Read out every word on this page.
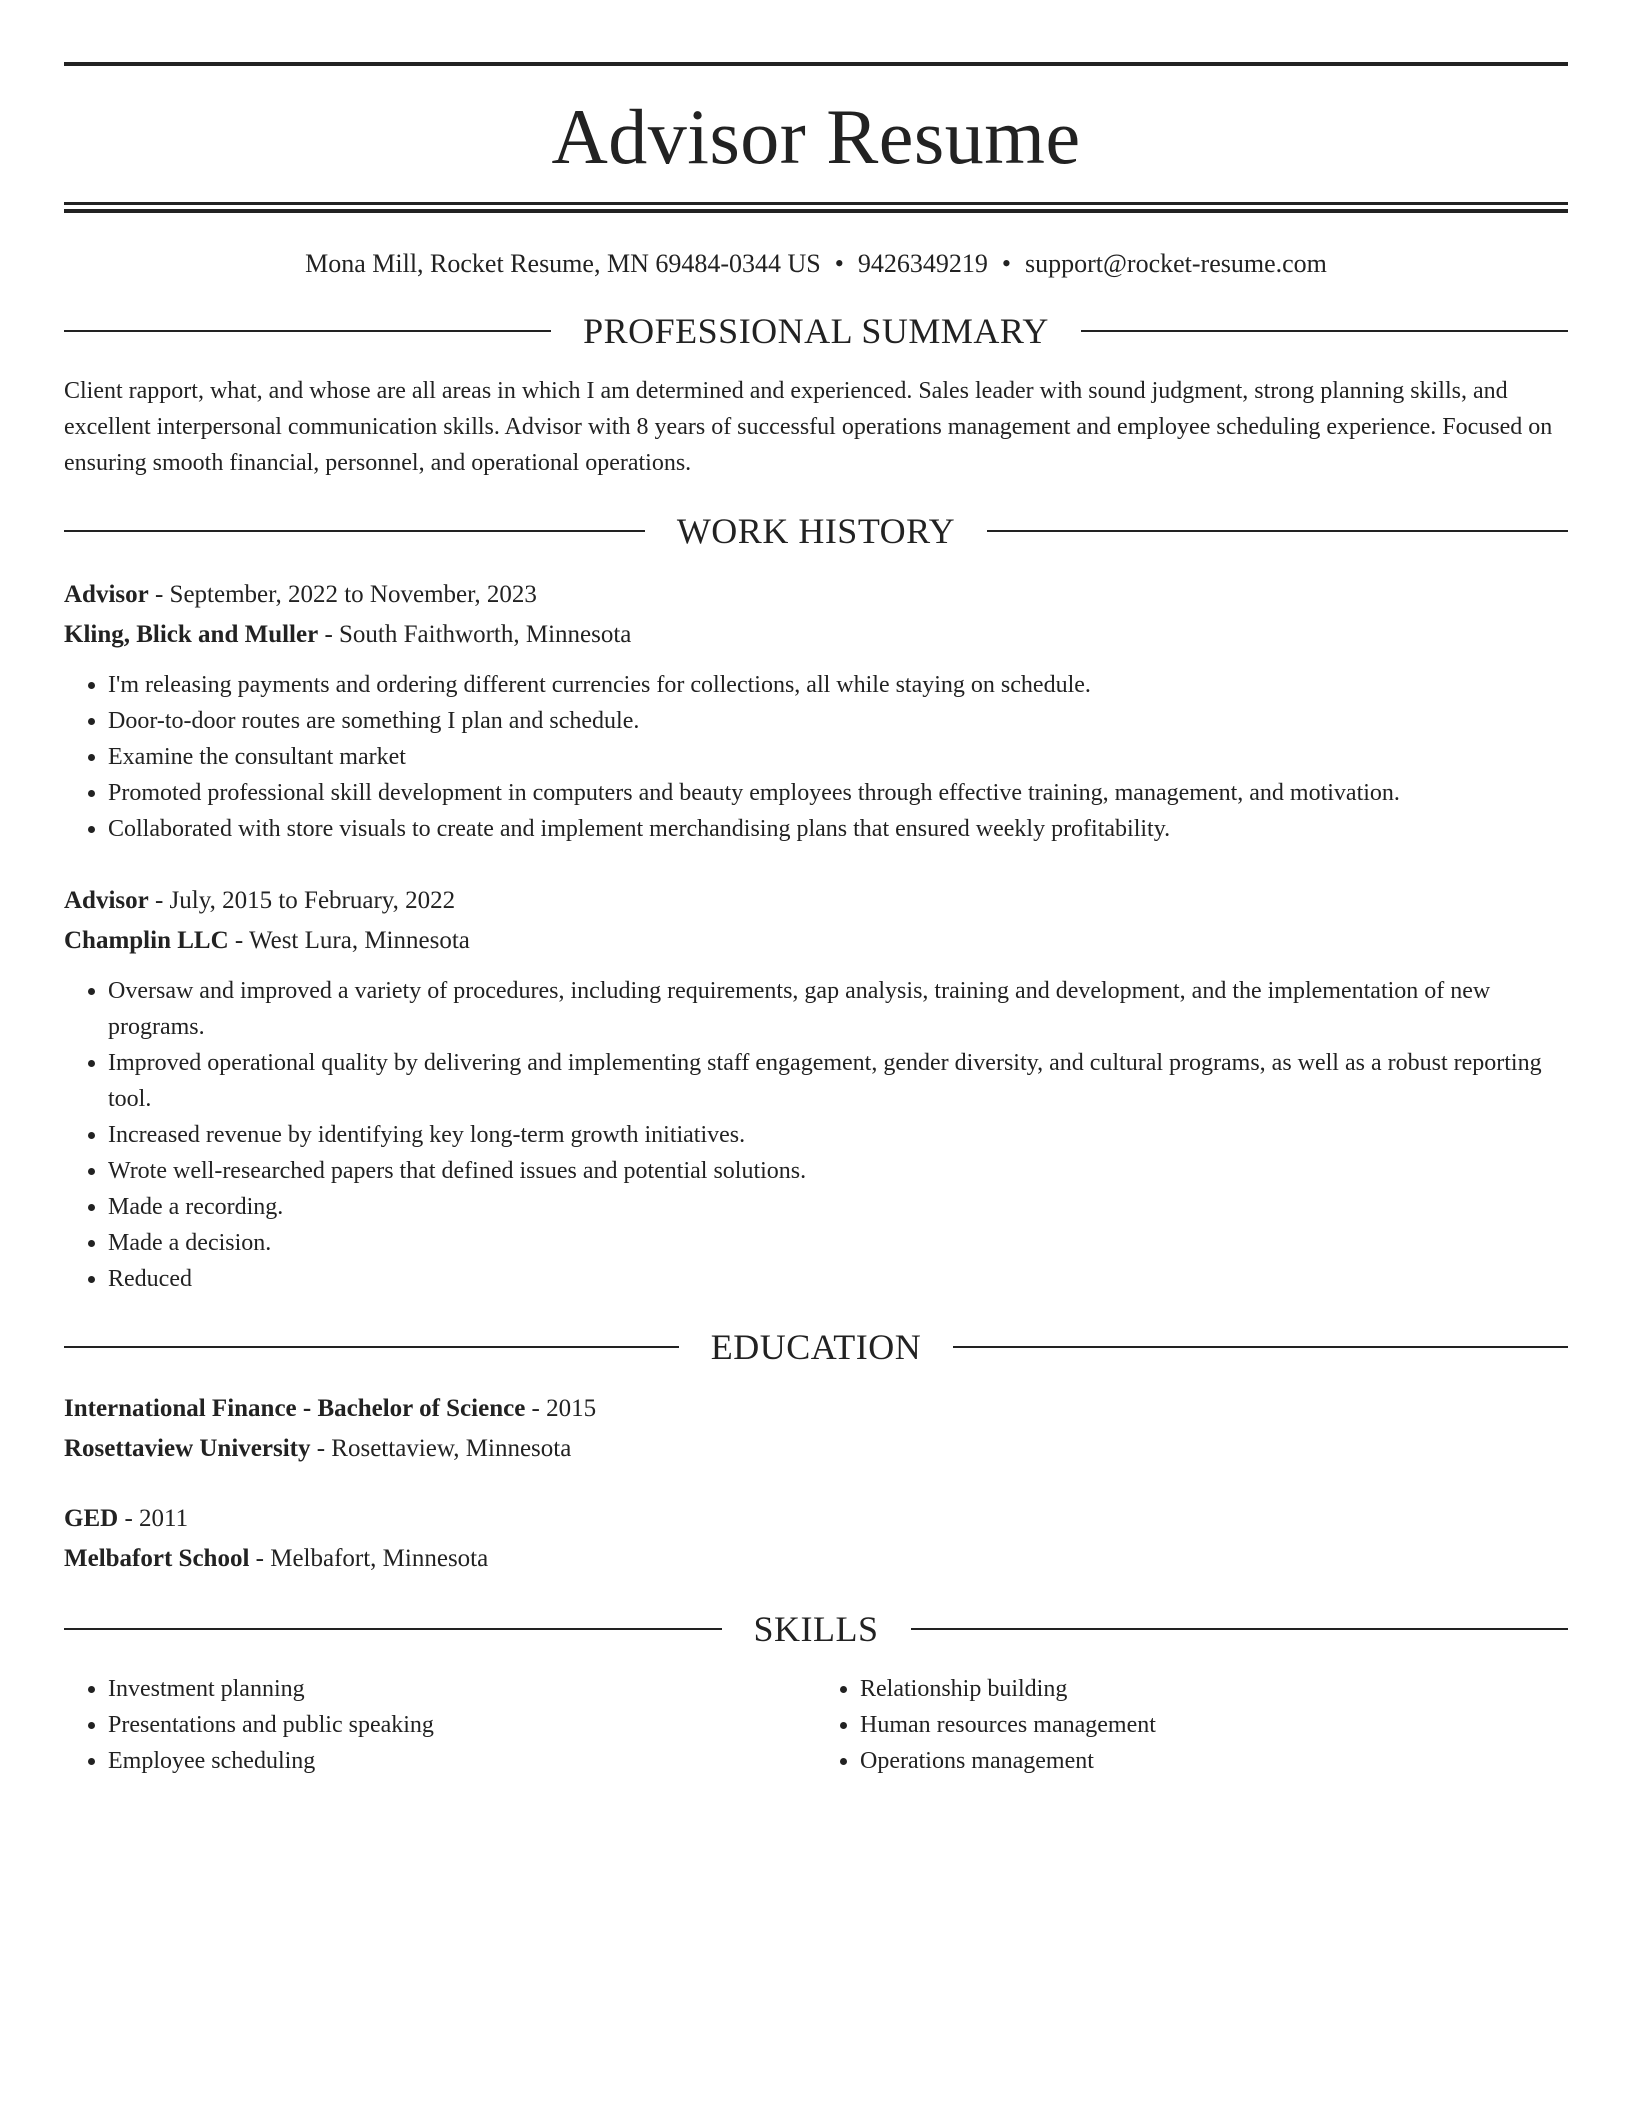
Advisor Resume
Mona Mill, Rocket Resume, MN 69484-0344 US • 9426349219 • support@rocket-resume.com
PROFESSIONAL SUMMARY
Client rapport, what, and whose are all areas in which I am determined and experienced. Sales leader with sound judgment, strong planning skills, and excellent interpersonal communication skills. Advisor with 8 years of successful operations management and employee scheduling experience. Focused on ensuring smooth financial, personnel, and operational operations.
WORK HISTORY
Advisor - September, 2022 to November, 2023
Kling, Blick and Muller - South Faithworth, Minnesota
• I'm releasing payments and ordering different currencies for collections, all while staying on schedule.
• Door-to-door routes are something I plan and schedule.
• Examine the consultant market
• Promoted professional skill development in computers and beauty employees through effective training, management, and motivation.
• Collaborated with store visuals to create and implement merchandising plans that ensured weekly profitability.
Advisor - July, 2015 to February, 2022
Champlin LLC - West Lura, Minnesota
• Oversaw and improved a variety of procedures, including requirements, gap analysis, training and development, and the implementation of new programs.
• Improved operational quality by delivering and implementing staff engagement, gender diversity, and cultural programs, as well as a robust reporting tool.
• Increased revenue by identifying key long-term growth initiatives.
• Wrote well-researched papers that defined issues and potential solutions.
• Made a recording.
• Made a decision.
• Reduced
EDUCATION
International Finance - Bachelor of Science - 2015
Rosettaview University - Rosettaview, Minnesota
GED - 2011
Melbafort School - Melbafort, Minnesota
SKILLS
• Investment planning
• Presentations and public speaking
• Employee scheduling
• Relationship building
• Human resources management
• Operations management
